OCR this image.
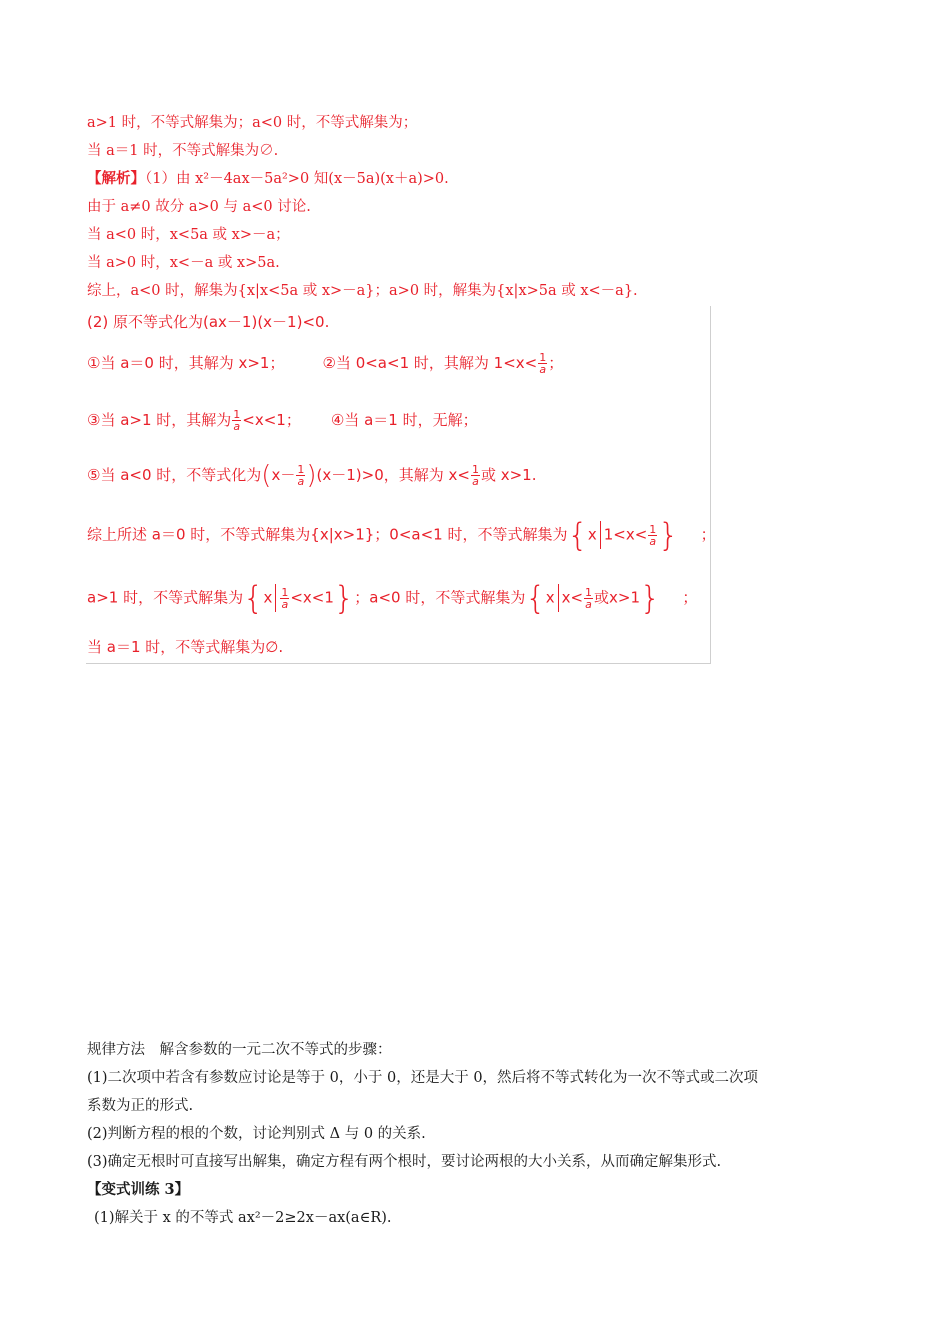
a>1 时，不等式解集为；a<0 时，不等式解集为；
当 a＝1 时，不等式解集为∅.
【解析】（1）由 x²－4ax－5a²>0 知(x－5a)(x＋a)>0.
由于 a≠0 故分 a>0 与 a<0 讨论.
当 a<0 时，x<5a 或 x>－a；
当 a>0 时，x<－a 或 x>5a.
综上，a<0 时，解集为{x|x<5a 或 x>－a}；a>0 时，解集为{x|x>5a 或 x<－a}.
(2) 原不等式化为(ax－1)(x－1)<0.
①当 a＝0 时，其解为 x>1；	②当 0<a<1 时，其解为 $1<x< \frac{1}{a}$ ；
③当 a>1 时，其解为 $\frac{1}{a} <x<1$； ④当 a＝1 时，无解；
⑤当 a<0 时，不等式化为$(x- \frac{1}{a} )(x-1)>0$，其解为 $x< \frac{1}{a}$ 或 x>1.
综上所述 a＝0 时，不等式解集为{x|x>1}；0<a<1 时，不等式解集为{x $1<x< \frac{1}{a}$ } ；
a>1 时，不等式解集为$\{x \frac{1}{a} <x<1\}$；a<0 时，不等式解集为{x $x< \frac{1}{a}$ 或x>1} ；
当 a＝1 时，不等式解集为∅.
规律方法　解含参数的一元二次不等式的步骤：
(1)二次项中若含有参数应讨论是等于 0，小于 0，还是大于 0，然后将不等式转化为一次不等式或二次项
系数为正的形式.
(2)判断方程的根的个数，讨论判别式 Δ 与 0 的关系.
(3)确定无根时可直接写出解集，确定方程有两个根时，要讨论两根的大小关系，从而确定解集形式.
【变式训练 3】
(1)解关于 x 的不等式 ax²－2≥2x－ax(a∈R).
